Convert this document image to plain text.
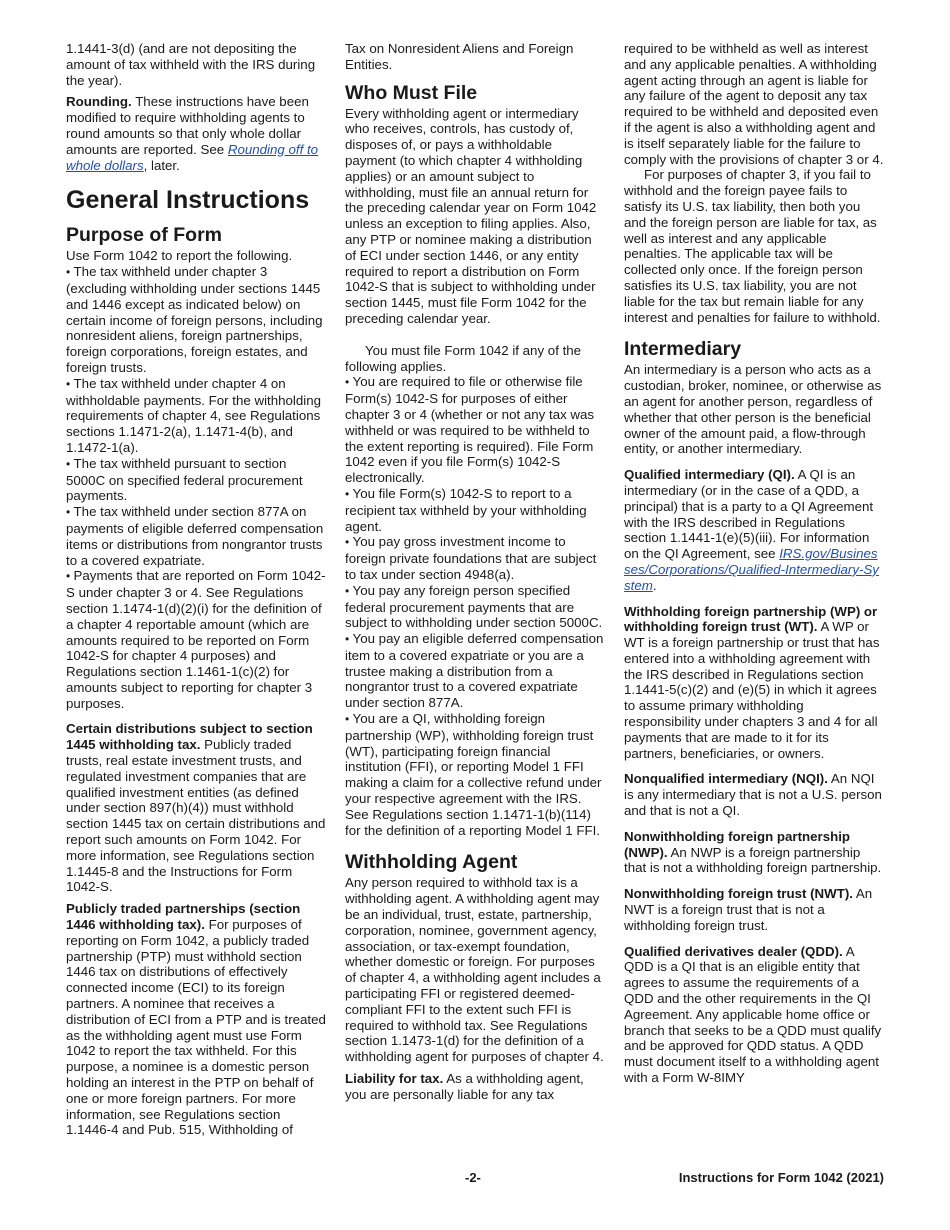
1.1441-3(d) (and are not depositing the amount of tax withheld with the IRS during the year).

Rounding. These instructions have been modified to require withholding agents to round amounts so that only whole dollar amounts are reported. See Rounding off to whole dollars, later.

General Instructions
Purpose of Form
Use Form 1042 to report the following.
• The tax withheld under chapter 3 (excluding withholding under sections 1445 and 1446 except as indicated below) on certain income of foreign persons, including nonresident aliens, foreign partnerships, foreign corporations, foreign estates, and foreign trusts.
• The tax withheld under chapter 4 on withholdable payments. For the withholding requirements of chapter 4, see Regulations sections 1.1471-2(a), 1.1471-4(b), and 1.1472-1(a).
• The tax withheld pursuant to section 5000C on specified federal procurement payments.
• The tax withheld under section 877A on payments of eligible deferred compensation items or distributions from nongrantor trusts to a covered expatriate.
• Payments that are reported on Form 1042-S under chapter 3 or 4. See Regulations section 1.1474-1(d)(2)(i) for the definition of a chapter 4 reportable amount (which are amounts required to be reported on Form 1042-S for chapter 4 purposes) and Regulations section 1.1461-1(c)(2) for amounts subject to reporting for chapter 3 purposes.

Certain distributions subject to section 1445 withholding tax. Publicly traded trusts, real estate investment trusts, and regulated investment companies that are qualified investment entities (as defined under section 897(h)(4)) must withhold section 1445 tax on certain distributions and report such amounts on Form 1042. For more information, see Regulations section 1.1445-8 and the Instructions for Form 1042-S.

Publicly traded partnerships (section 1446 withholding tax). For purposes of reporting on Form 1042, a publicly traded partnership (PTP) must withhold section 1446 tax on distributions of effectively connected income (ECI) to its foreign partners. A nominee that receives a distribution of ECI from a PTP and is treated as the withholding agent must use Form 1042 to report the tax withheld. For this purpose, a nominee is a domestic person holding an interest in the PTP on behalf of one or more foreign partners. For more information, see Regulations section 1.1446-4 and Pub. 515, Withholding of

Tax on Nonresident Aliens and Foreign Entities.

Who Must File

Every withholding agent or intermediary who receives, controls, has custody of, disposes of, or pays a withholdable payment (to which chapter 4 withholding applies) or an amount subject to withholding, must file an annual return for the preceding calendar year on Form 1042 unless an exception to filing applies. Also, any PTP or nominee making a distribution of ECI under section 1446, or any entity required to report a distribution on Form 1042-S that is subject to withholding under section 1445, must file Form 1042 for the preceding calendar year.

You must file Form 1042 if any of the following applies.
• You are required to file or otherwise file Form(s) 1042-S for purposes of either chapter 3 or 4 (whether or not any tax was withheld or was required to be withheld to the extent reporting is required). File Form 1042 even if you file Form(s) 1042-S electronically.
• You file Form(s) 1042-S to report to a recipient tax withheld by your withholding agent.
• You pay gross investment income to foreign private foundations that are subject to tax under section 4948(a).
• You pay any foreign person specified federal procurement payments that are subject to withholding under section 5000C.
• You pay an eligible deferred compensation item to a covered expatriate or you are a trustee making a distribution from a nongrantor trust to a covered expatriate under section 877A.
• You are a QI, withholding foreign partnership (WP), withholding foreign trust (WT), participating foreign financial institution (FFI), or reporting Model 1 FFI making a claim for a collective refund under your respective agreement with the IRS. See Regulations section 1.1471-1(b)(114) for the definition of a reporting Model 1 FFI.
Withholding Agent

Any person required to withhold tax is a withholding agent. A withholding agent may be an individual, trust, estate, partnership, corporation, nominee, government agency, association, or tax-exempt foundation, whether domestic or foreign. For purposes of chapter 4, a withholding agent includes a participating FFI or registered deemed-compliant FFI to the extent such FFI is required to withhold tax. See Regulations section 1.1473-1(d) for the definition of a withholding agent for purposes of chapter 4.

Liability for tax. As a withholding agent, you are personally liable for any tax

required to be withheld as well as interest and any applicable penalties. A withholding agent acting through an agent is liable for any failure of the agent to deposit any tax required to be withheld and deposited even if the agent is also a withholding agent and is itself separately liable for the failure to comply with the provisions of chapter 3 or 4.

For purposes of chapter 3, if you fail to withhold and the foreign payee fails to satisfy its U.S. tax liability, then both you and the foreign person are liable for tax, as well as interest and any applicable penalties. The applicable tax will be collected only once. If the foreign person satisfies its U.S. tax liability, you are not liable for the tax but remain liable for any interest and penalties for failure to withhold.

Intermediary

An intermediary is a person who acts as a custodian, broker, nominee, or otherwise as an agent for another person, regardless of whether that other person is the beneficial owner of the amount paid, a flow-through entity, or another intermediary.

Qualified intermediary (QI). A QI is an intermediary (or in the case of a QDD, a principal) that is a party to a QI Agreement with the IRS described in Regulations section 1.1441-1(e)(5)(iii). For information on the QI Agreement, see IRS.gov/Businesses/Corporations/Qualified-Intermediary-System.

Withholding foreign partnership (WP) or withholding foreign trust (WT). A WP or WT is a foreign partnership or trust that has entered into a withholding agreement with the IRS described in Regulations section 1.1441-5(c)(2) and (e)(5) in which it agrees to assume primary withholding responsibility under chapters 3 and 4 for all payments that are made to it for its partners, beneficiaries, or owners.

Nonqualified intermediary (NQI). An NQI is any intermediary that is not a U.S. person and that is not a QI.

Nonwithholding foreign partnership (NWP). An NWP is a foreign partnership that is not a withholding foreign partnership.

Nonwithholding foreign trust (NWT). An NWT is a foreign trust that is not a withholding foreign trust.

Qualified derivatives dealer (QDD). A QDD is a QI that is an eligible entity that agrees to assume the requirements of a QDD and the other requirements in the QI Agreement. Any applicable home office or branch that seeks to be a QDD must qualify and be approved for QDD status. A QDD must document itself to a withholding agent with a Form W-8IMY

-2-	Instructions for Form 1042 (2021)
